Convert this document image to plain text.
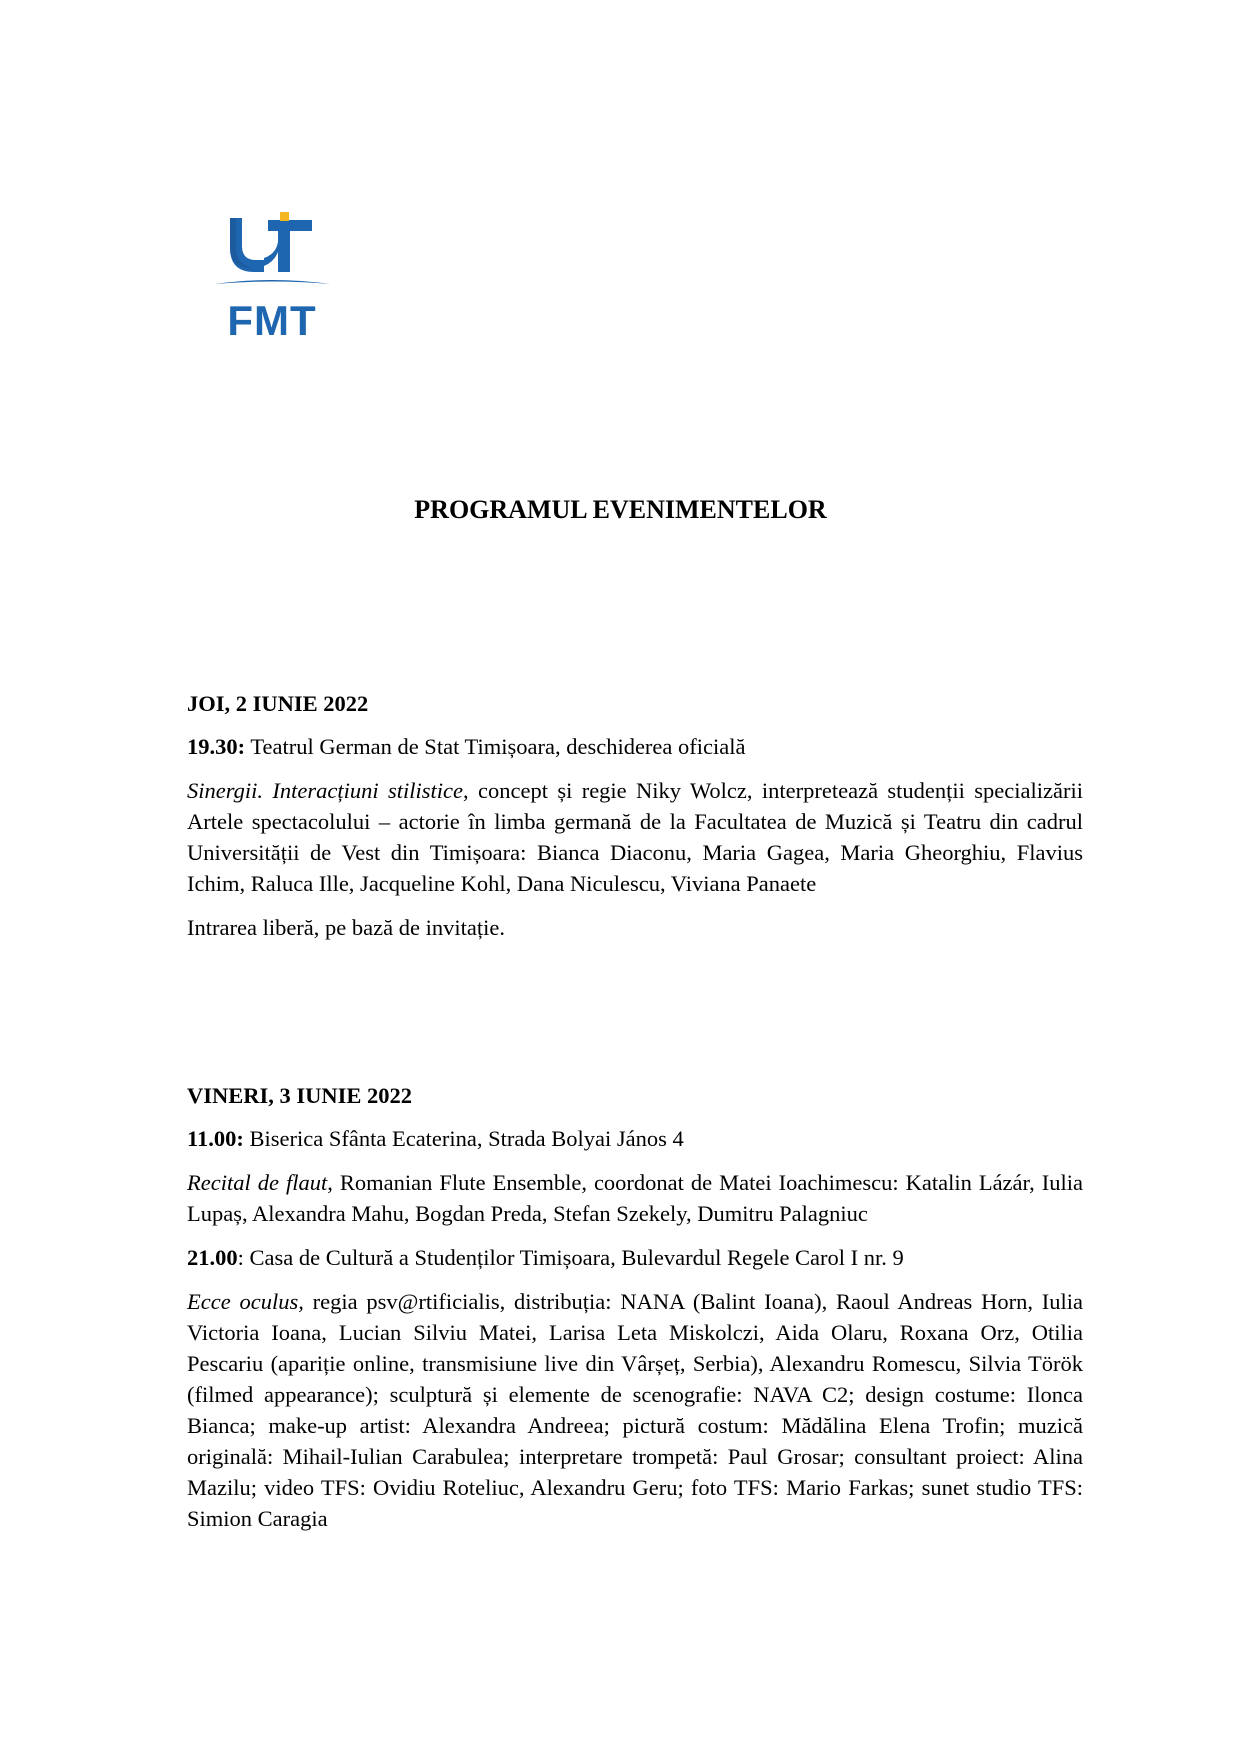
FMT
PROGRAMUL EVENIMENTELOR
JOI, 2 IUNIE 2022
19.30: Teatrul German de Stat Timișoara, deschiderea oficială
Sinergii. Interacțiuni stilistice, concept și regie Niky Wolcz, interpretează studenții specializării Artele spectacolului – actorie în limba germană de la Facultatea de Muzică și Teatru din cadrul Universității de Vest din Timișoara: Bianca Diaconu, Maria Gagea, Maria Gheorghiu, Flavius Ichim, Raluca Ille, Jacqueline Kohl, Dana Niculescu, Viviana Panaete
Intrarea liberă, pe bază de invitație.
VINERI, 3 IUNIE 2022
11.00: Biserica Sfânta Ecaterina, Strada Bolyai János 4
Recital de flaut, Romanian Flute Ensemble, coordonat de Matei Ioachimescu: Katalin Lázár, Iulia Lupaș, Alexandra Mahu, Bogdan Preda, Stefan Szekely, Dumitru Palagniuc
21.00: Casa de Cultură a Studenților Timișoara, Bulevardul Regele Carol I nr. 9
Ecce oculus, regia psv@rtificialis, distribuția: NANA (Balint Ioana), Raoul Andreas Horn, Iulia Victoria Ioana, Lucian Silviu Matei, Larisa Leta Miskolczi, Aida Olaru, Roxana Orz, Otilia Pescariu (apariție online, transmisiune live din Vârșeț, Serbia), Alexandru Romescu, Silvia Török (filmed appearance); sculptură și elemente de scenografie: NAVA C2; design costume: Ilonca Bianca; make-up artist: Alexandra Andreea; pictură costum: Mădălina Elena Trofin; muzică originală: Mihail-Iulian Carabulea; interpretare trompetă: Paul Grosar; consultant proiect: Alina Mazilu; video TFS: Ovidiu Roteliuc, Alexandru Geru; foto TFS: Mario Farkas; sunet studio TFS: Simion Caragia
